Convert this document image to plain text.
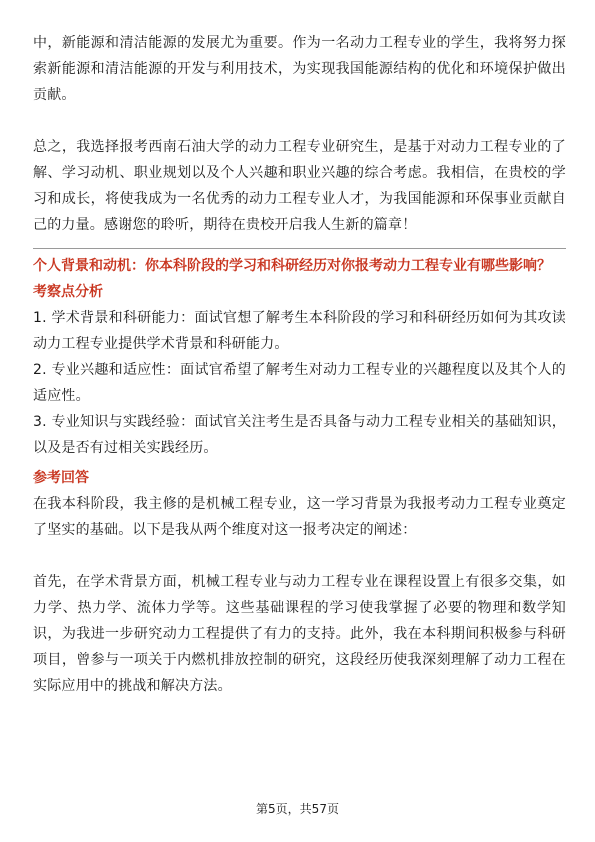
中，新能源和清洁能源的发展尤为重要。作为一名动力工程专业的学生，我将努力探索新能源和清洁能源的开发与利用技术，为实现我国能源结构的优化和环境保护做出贡献。

总之，我选择报考西南石油大学的动力工程专业研究生，是基于对动力工程专业的了解、学习动机、职业规划以及个人兴趣和职业兴趣的综合考虑。我相信，在贵校的学习和成长，将使我成为一名优秀的动力工程专业人才，为我国能源和环保事业贡献自己的力量。感谢您的聆听，期待在贵校开启我人生新的篇章！

个人背景和动机：你本科阶段的学习和科研经历对你报考动力工程专业有哪些影响？
考察点分析

1. 学术背景和科研能力：面试官想了解考生本科阶段的学习和科研经历如何为其攻读动力工程专业提供学术背景和科研能力。

2. 专业兴趣和适应性：面试官希望了解考生对动力工程专业的兴趣程度以及其个人的适应性。

3. 专业知识与实践经验：面试官关注考生是否具备与动力工程专业相关的基础知识，以及是否有过相关实践经历。

参考回答

在我本科阶段，我主修的是机械工程专业，这一学习背景为我报考动力工程专业奠定了坚实的基础。以下是我从两个维度对这一报考决定的阐述：

首先，在学术背景方面，机械工程专业与动力工程专业在课程设置上有很多交集，如力学、热力学、流体力学等。这些基础课程的学习使我掌握了必要的物理和数学知识，为我进一步研究动力工程提供了有力的支持。此外，我在本科期间积极参与科研项目，曾参与一项关于内燃机排放控制的研究，这段经历使我深刻理解了动力工程在实际应用中的挑战和解决方法。

第5页，共57页
